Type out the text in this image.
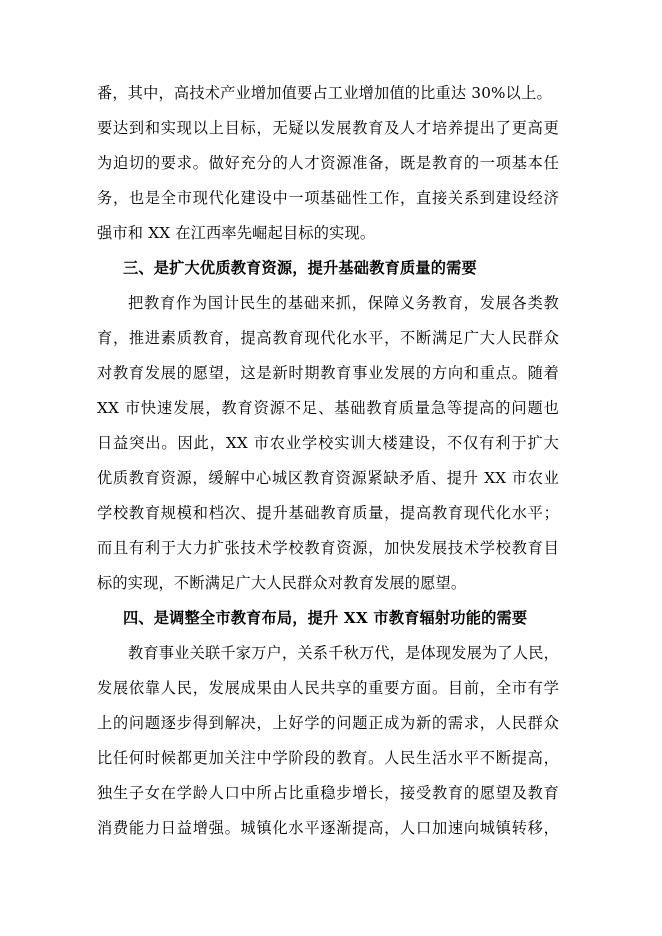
番，其中，高技术产业增加值要占工业增加值的比重达 30%以上。
要达到和实现以上目标，无疑以发展教育及人才培养提出了更高更
为迫切的要求。做好充分的人才资源准备，既是教育的一项基本任
务，也是全市现代化建设中一项基础性工作，直接关系到建设经济
强市和 XX 在江西率先崛起目标的实现。
三、是扩大优质教育资源，提升基础教育质量的需要
把教育作为国计民生的基础来抓，保障义务教育，发展各类教
育，推进素质教育，提高教育现代化水平，不断满足广大人民群众
对教育发展的愿望，这是新时期教育事业发展的方向和重点。随着
XX 市快速发展，教育资源不足、基础教育质量急等提高的问题也
日益突出。因此，XX 市农业学校实训大楼建设，不仅有利于扩大
优质教育资源，缓解中心城区教育资源紧缺矛盾、提升 XX 市农业
学校教育规模和档次、提升基础教育质量，提高教育现代化水平；
而且有利于大力扩张技术学校教育资源，加快发展技术学校教育目
标的实现，不断满足广大人民群众对教育发展的愿望。
四、是调整全市教育布局，提升 XX 市教育辐射功能的需要
教育事业关联千家万户，关系千秋万代，是体现发展为了人民，
发展依靠人民，发展成果由人民共享的重要方面。目前，全市有学
上的问题逐步得到解决，上好学的问题正成为新的需求，人民群众
比任何时候都更加关注中学阶段的教育。人民生活水平不断提高，
独生子女在学龄人口中所占比重稳步增长，接受教育的愿望及教育
消费能力日益增强。城镇化水平逐渐提高，人口加速向城镇转移，
